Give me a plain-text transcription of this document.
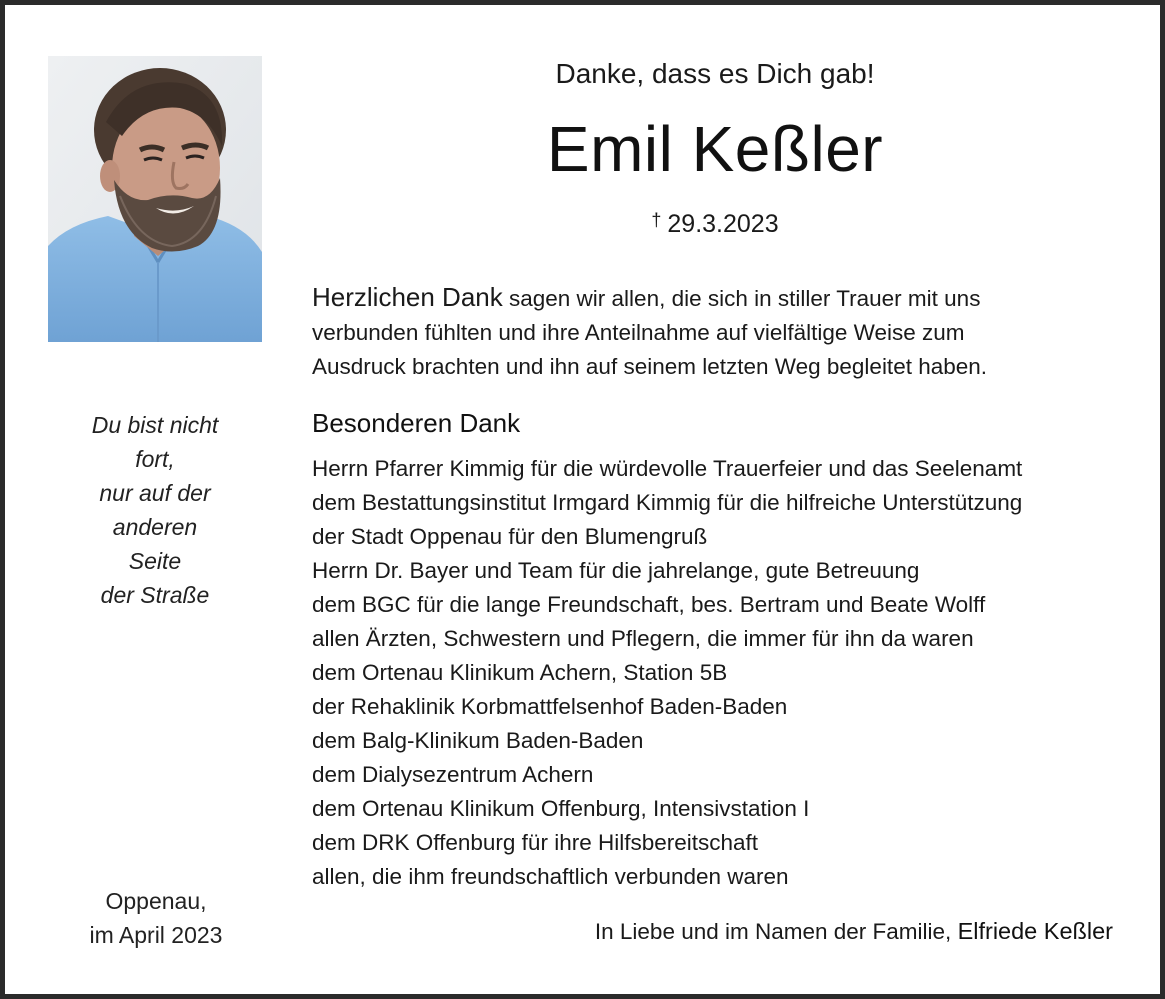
Du bist nicht
fort,
nur auf der
anderen
Seite
der Straße
Oppenau,
im April 2023
Danke, dass es Dich gab!
Emil Keßler
† 29.3.2023
Herzlichen Dank sagen wir allen, die sich in stiller Trauer mit uns
verbunden fühlten und ihre Anteilnahme auf vielfältige Weise zum
Ausdruck brachten und ihn auf seinem letzten Weg begleitet haben.
Besonderen Dank
Herrn Pfarrer Kimmig für die würdevolle Trauerfeier und das Seelenamt
dem Bestattungsinstitut Irmgard Kimmig für die hilfreiche Unterstützung
der Stadt Oppenau für den Blumengruß
Herrn Dr. Bayer und Team für die jahrelange, gute Betreuung
dem BGC für die lange Freundschaft, bes. Bertram und Beate Wolff
allen Ärzten, Schwestern und Pflegern, die immer für ihn da waren
dem Ortenau Klinikum Achern, Station 5B
der Rehaklinik Korbmattfelsenhof Baden-Baden
dem Balg-Klinikum Baden-Baden
dem Dialysezentrum Achern
dem Ortenau Klinikum Offenburg, Intensivstation I
dem DRK Offenburg für ihre Hilfsbereitschaft
allen, die ihm freundschaftlich verbunden waren
In Liebe und im Namen der Familie, Elfriede Keßler
